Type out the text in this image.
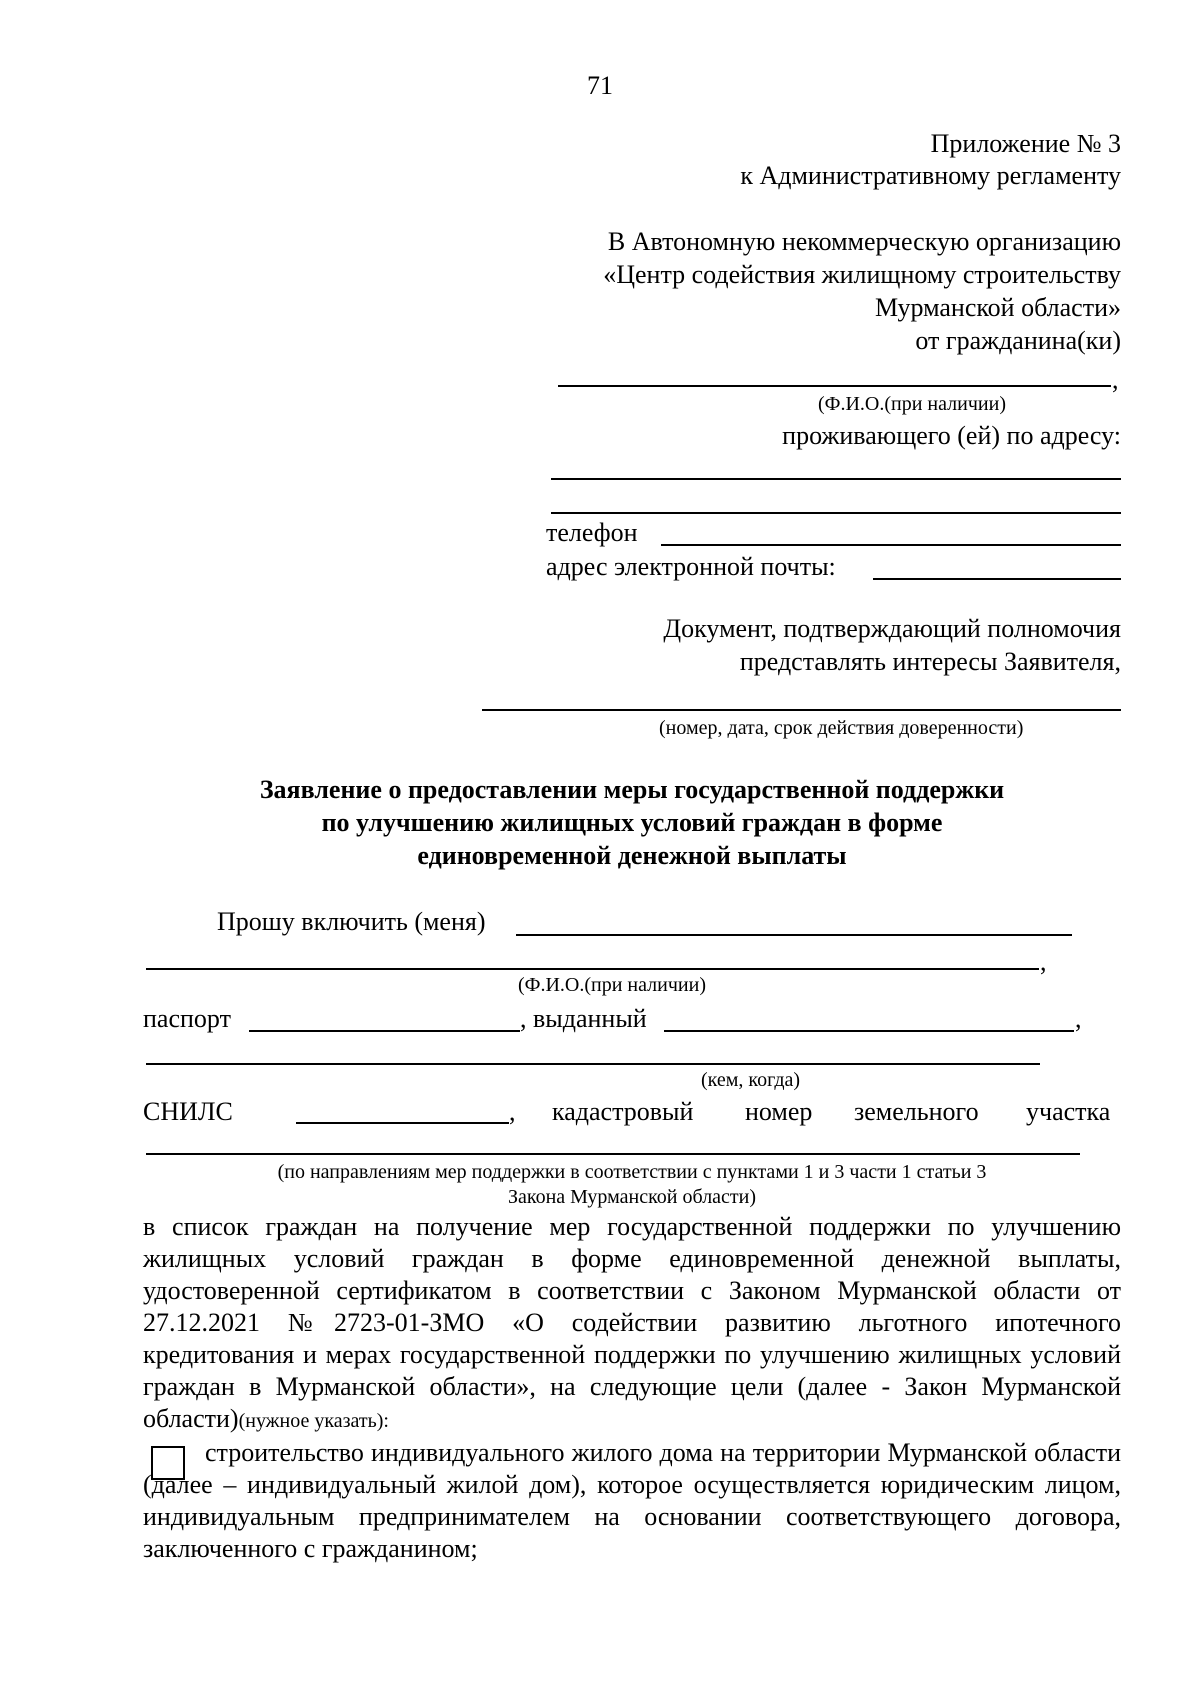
71
Приложение № 3
к Административному регламенту
В Автономную некоммерческую организацию
«Центр содействия жилищному строительству
Мурманской области»
от гражданина(ки)
,
(Ф.И.О.(при наличии)
проживающего (ей) по адресу:
телефон
адрес электронной почты:
Документ, подтверждающий полномочия
представлять интересы Заявителя,
(номер, дата, срок действия доверенности)
Заявление о предоставлении меры государственной поддержки
по улучшению жилищных условий граждан в форме
единовременной денежной выплаты
Прошу включить (меня)
,
(Ф.И.О.(при наличии)
паспорт	, выданный	,
(кем, когда)
СНИЛС	, кадастровый номер земельного участка
(по направлениям мер поддержки в соответствии с пунктами 1 и 3 части 1 статьи 3
Закона Мурманской области)
в список граждан на получение мер государственной поддержки по улучшению жилищных условий граждан в форме единовременной денежной выплаты, удостоверенной сертификатом в соответствии с Законом Мурманской области от 27.12.2021 №2723-01-ЗМО «О содействии развитию льготного ипотечного кредитования и мерах государственной поддержки по улучшению жилищных условий граждан в Мурманской области», на следующие цели (далее - Закон Мурманской области)(нужное указать):
строительство индивидуального жилого дома на территории Мурманской области (далее – индивидуальный жилой дом), которое осуществляется юридическим лицом, индивидуальным предпринимателем на основании соответствующего договора, заключенного с гражданином;
